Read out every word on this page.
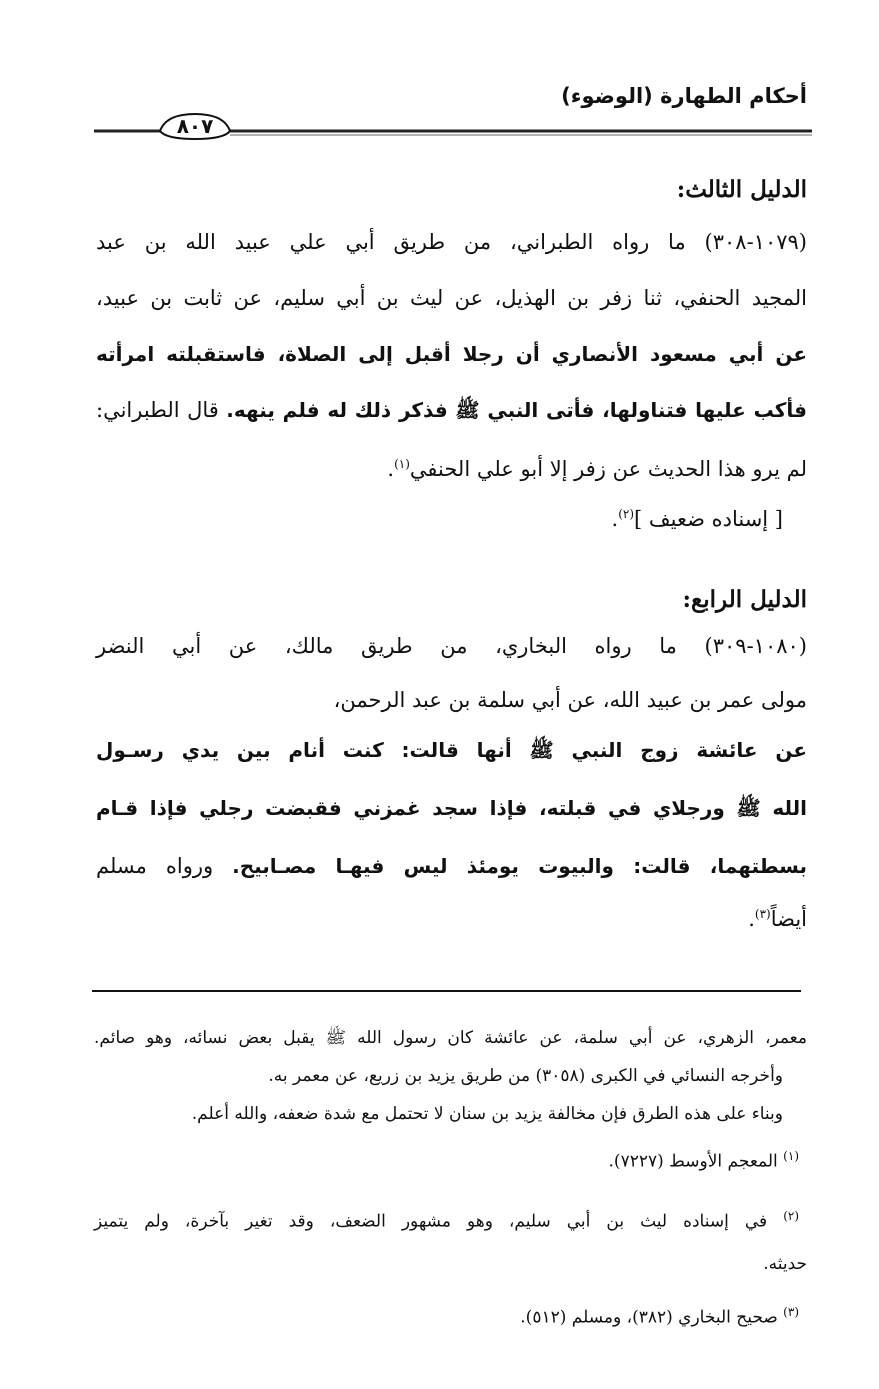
أحكام الطهارة (الوضوء)
٨٠٧
الدليل الثالث:
(١٠٧٩-٣٠٨) ما رواه الطبراني، من طريق أبي علي عبيد الله بن عبد
المجيد الحنفي، ثنا زفر بن الهذيل، عن ليث بن أبي سليم، عن ثابت بن عبيد،
عن أبي مسعود الأنصاري أن رجلا أقبل إلى الصلاة، فاستقبلته امرأته
فأكب عليها فتناولها، فأتى النبي ﷺ فذكر ذلك له فلم ينهه. قال الطبراني:
لم يرو هذا الحديث عن زفر إلا أبو علي الحنفي$^{(١)}$.
[ إسناده ضعيف ]$^{(٢)}$.
الدليل الرابع:
(١٠٨٠-٣٠٩) ما رواه البخاري، من طريق مالك، عن أبي النضر
مولى عمر بن عبيد الله، عن أبي سلمة بن عبد الرحمن،
عن عائشة زوج النبي ﷺ أنها قالت: كنت أنام بين يدي رسـول
الله ﷺ ورجلاي في قبلته، فإذا سجد غمزني فقبضت رجلي فإذا قـام
بسطتهما، قالت: والبيوت يومئذ ليس فيهـا مصـابيح. ورواه مسلم
أيضاً$^{(٣)}$.
معمر، الزهري، عن أبي سلمة، عن عائشة كان رسول الله ﷺ يقبل بعض نسائه، وهو صائم.
وأخرجه النسائي في الكبرى (٣٠٥٨) من طريق يزيد بن زريع، عن معمر به.
وبناء على هذه الطرق فإن مخالفة يزيد بن سنان لا تحتمل مع شدة ضعفه، والله أعلم.
$^{(١)}$ المعجم الأوسط (٧٢٢٧).
$^{(٢)}$ في إسناده ليث بن أبي سليم، وهو مشهور الضعف، وقد تغير بآخرة، ولم يتميز
حديثه.
$^{(٣)}$ صحيح البخاري (٣٨٢)، ومسلم (٥١٢).
